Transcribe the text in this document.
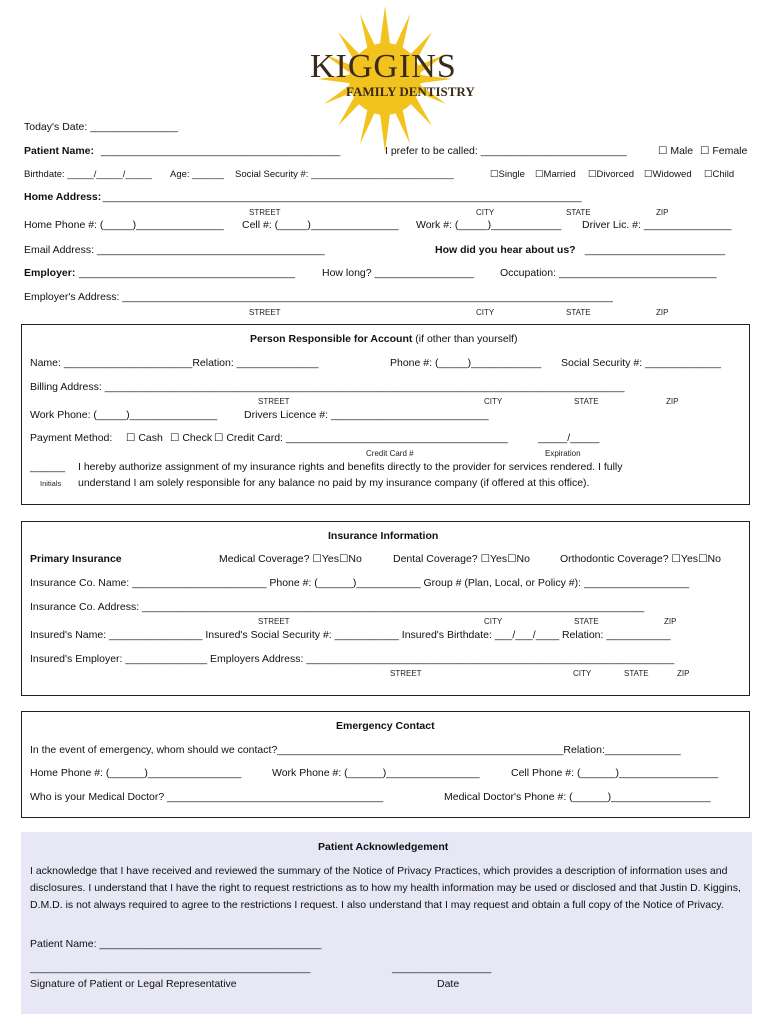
KIGGINS
FAMILY DENTISTRY
Today's Date: _______________
Patient Name: _________________________________________	I prefer to be called: _________________________	☐ Male ☐ Female
Birthdate: _____/_____/_____ Age: ______ Social Security #: ___________________________	☐Single ☐Married ☐Divorced ☐Widowed ☐Child
Home Address:
__________________________________________________________________________________
STREET	CITY	STATE	ZIP
Home Phone #: (_____)_______________ Cell #: (_____)_______________ Work #: (_____)____________ Driver Lic. #: _______________
Email Address: _______________________________________	How did you hear about us? ________________________
Employer: _____________________________________	How long? _________________ Occupation: ___________________________
Employer's Address: ____________________________________________________________________________________
STREET	CITY	STATE	ZIP
Person Responsible for Account (if other than yourself)
Name: ______________________Relation: ______________	Phone #: (_____)____________ Social Security #: _____________
Billing Address: _________________________________________________________________________________________
STREET	CITY	STATE	ZIP
Work Phone: (_____)_______________	Drivers Licence #: ___________________________
Payment Method: ☐ Cash ☐ Check ☐ Credit Card: ______________________________________	_____/_____
Credit Card #	Expiration
______ I hereby authorize assignment of my insurance rights and benefits directly to the provider for services rendered. I fully
Initials understand I am solely responsible for any balance no paid by my insurance company (if offered at this office).
Insurance Information
Primary Insurance	Medical Coverage? ☐Yes☐No	Dental Coverage? ☐Yes☐No	Orthodontic Coverage? ☐Yes☐No
Insurance Co. Name: _______________________ Phone #: (______)___________ Group # (Plan, Local, or Policy #): __________________
Insurance Co. Address: ______________________________________________________________________________________
STREET	CITY	STATE	ZIP
Insured's Name: ________________ Insured's Social Security #: ___________ Insured's Birthdate: ___/___/____ Relation: ___________
Insured's Employer: ______________ Employers Address: _______________________________________________________________
STREET	CITY	STATE	ZIP
Emergency Contact
In the event of emergency, whom should we contact?_________________________________________________Relation:_____________
Home Phone #: (______)________________	Work Phone #: (______)________________	Cell Phone #: (______)_________________
Who is your Medical Doctor? _____________________________________	Medical Doctor's Phone #: (______)_________________
Patient Acknowledgement
I acknowledge that I have received and reviewed the summary of the Notice of Privacy Practices, which provides a description of information uses and disclosures. I understand that I have the right to request restrictions as to how my health information may be used or disclosed and that Justin D. Kiggins, D.M.D. is not always required to agree to the restrictions I request. I also understand that I may request and obtain a full copy of the Notice of Privacy.
Patient Name: ______________________________________
________________________________________________	_________________
Signature of Patient or Legal Representative	Date
